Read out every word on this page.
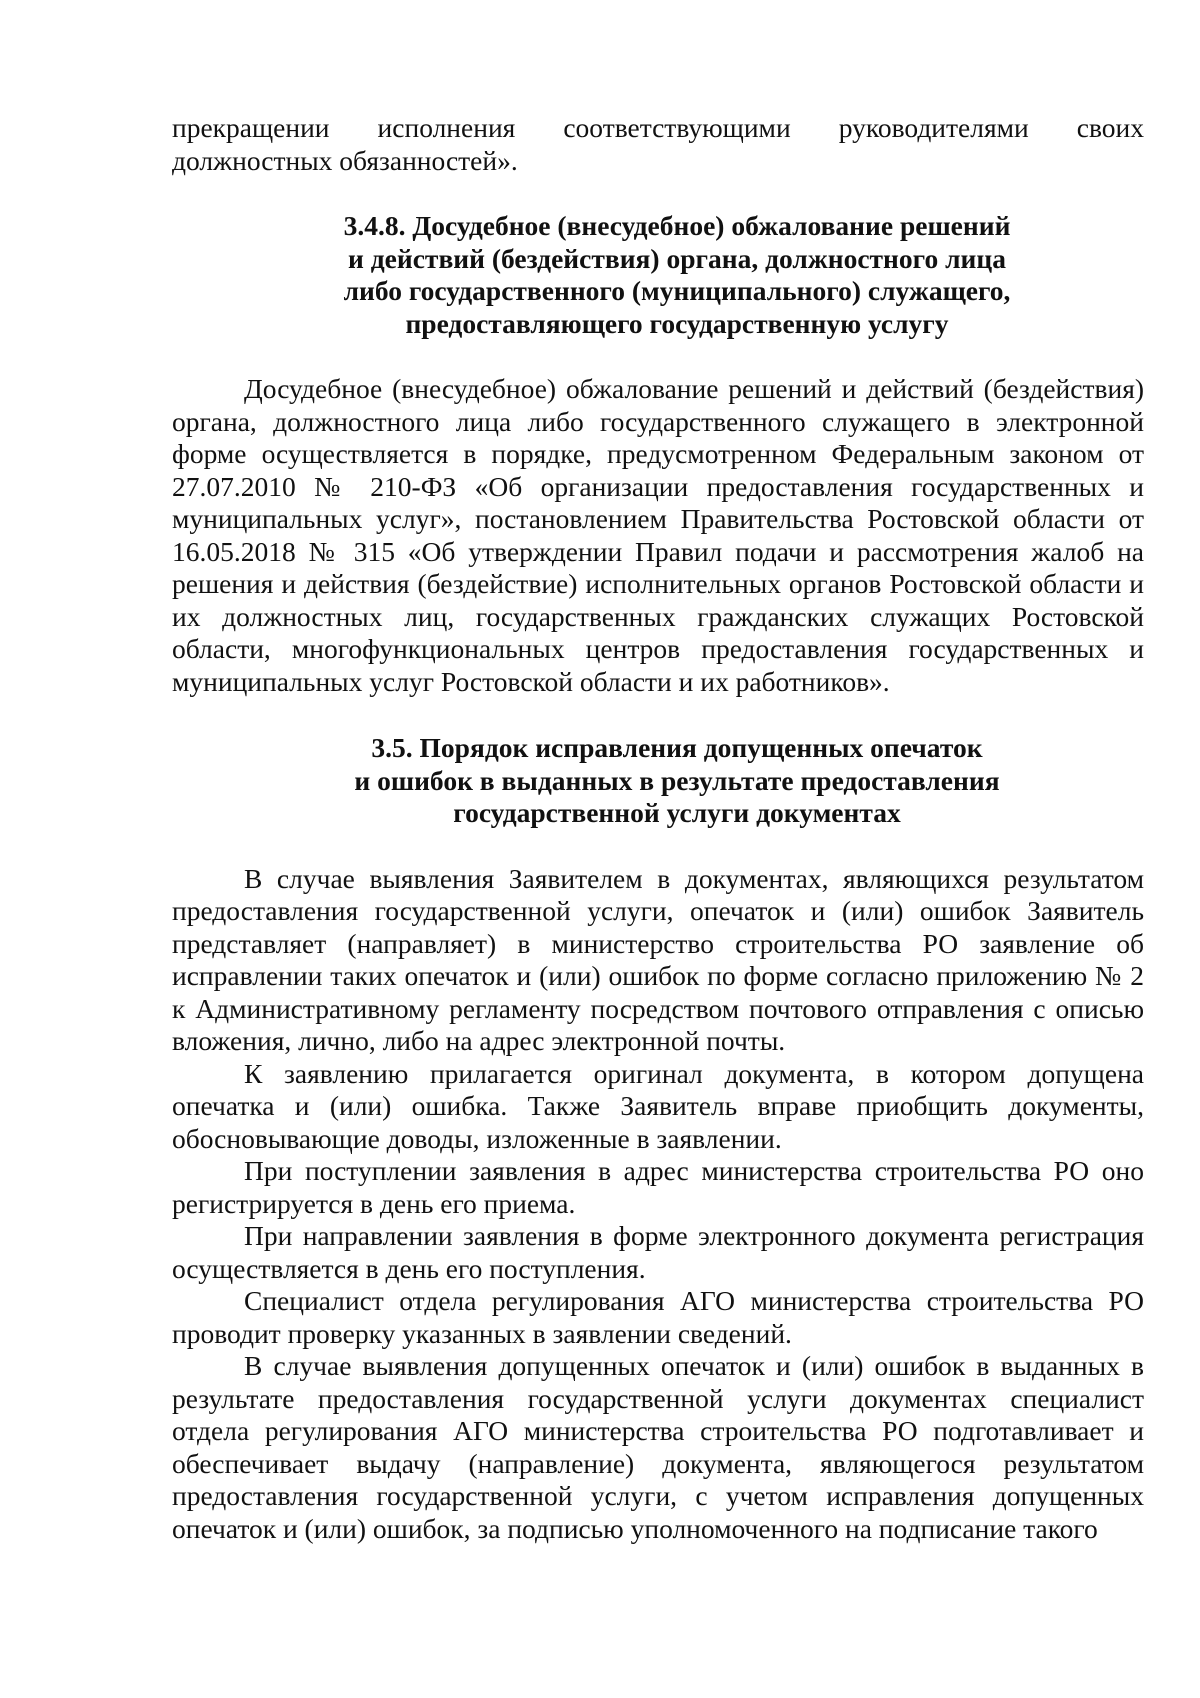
прекращении исполнения соответствующими руководителями своих должностных обязанностей».

3.4.8. Досудебное (внесудебное) обжалование решений
и действий (бездействия) органа, должностного лица
либо государственного (муниципального) служащего,
предоставляющего государственную услугу

Досудебное (внесудебное) обжалование решений и действий (бездействия) органа, должностного лица либо государственного служащего в электронной форме осуществляется в порядке, предусмотренном Федеральным законом от 27.07.2010 № 210-ФЗ «Об организации предоставления государственных и муниципальных услуг», постановлением Правительства Ростовской области от 16.05.2018 № 315 «Об утверждении Правил подачи и рассмотрения жалоб на решения и действия (бездействие) исполнительных органов Ростовской области и их должностных лиц, государственных гражданских служащих Ростовской области, многофункциональных центров предоставления государственных и муниципальных услуг Ростовской области и их работников».

3.5. Порядок исправления допущенных опечаток
и ошибок в выданных в результате предоставления
государственной услуги документах

В случае выявления Заявителем в документах, являющихся результатом предоставления государственной услуги, опечаток и (или) ошибок Заявитель представляет (направляет) в министерство строительства РО заявление об исправлении таких опечаток и (или) ошибок по форме согласно приложению № 2 к Административному регламенту посредством почтового отправления с описью вложения, лично, либо на адрес электронной почты.

К заявлению прилагается оригинал документа, в котором допущена опечатка и (или) ошибка. Также Заявитель вправе приобщить документы, обосновывающие доводы, изложенные в заявлении.

При поступлении заявления в адрес министерства строительства РО оно регистрируется в день его приема.

При направлении заявления в форме электронного документа регистрация осуществляется в день его поступления.

Специалист отдела регулирования АГО министерства строительства РО проводит проверку указанных в заявлении сведений.

В случае выявления допущенных опечаток и (или) ошибок в выданных в результате предоставления государственной услуги документах специалист отдела регулирования АГО министерства строительства РО подготавливает и обеспечивает выдачу (направление) документа, являющегося результатом предоставления государственной услуги, с учетом исправления допущенных опечаток и (или) ошибок, за подписью уполномоченного на подписание такого
